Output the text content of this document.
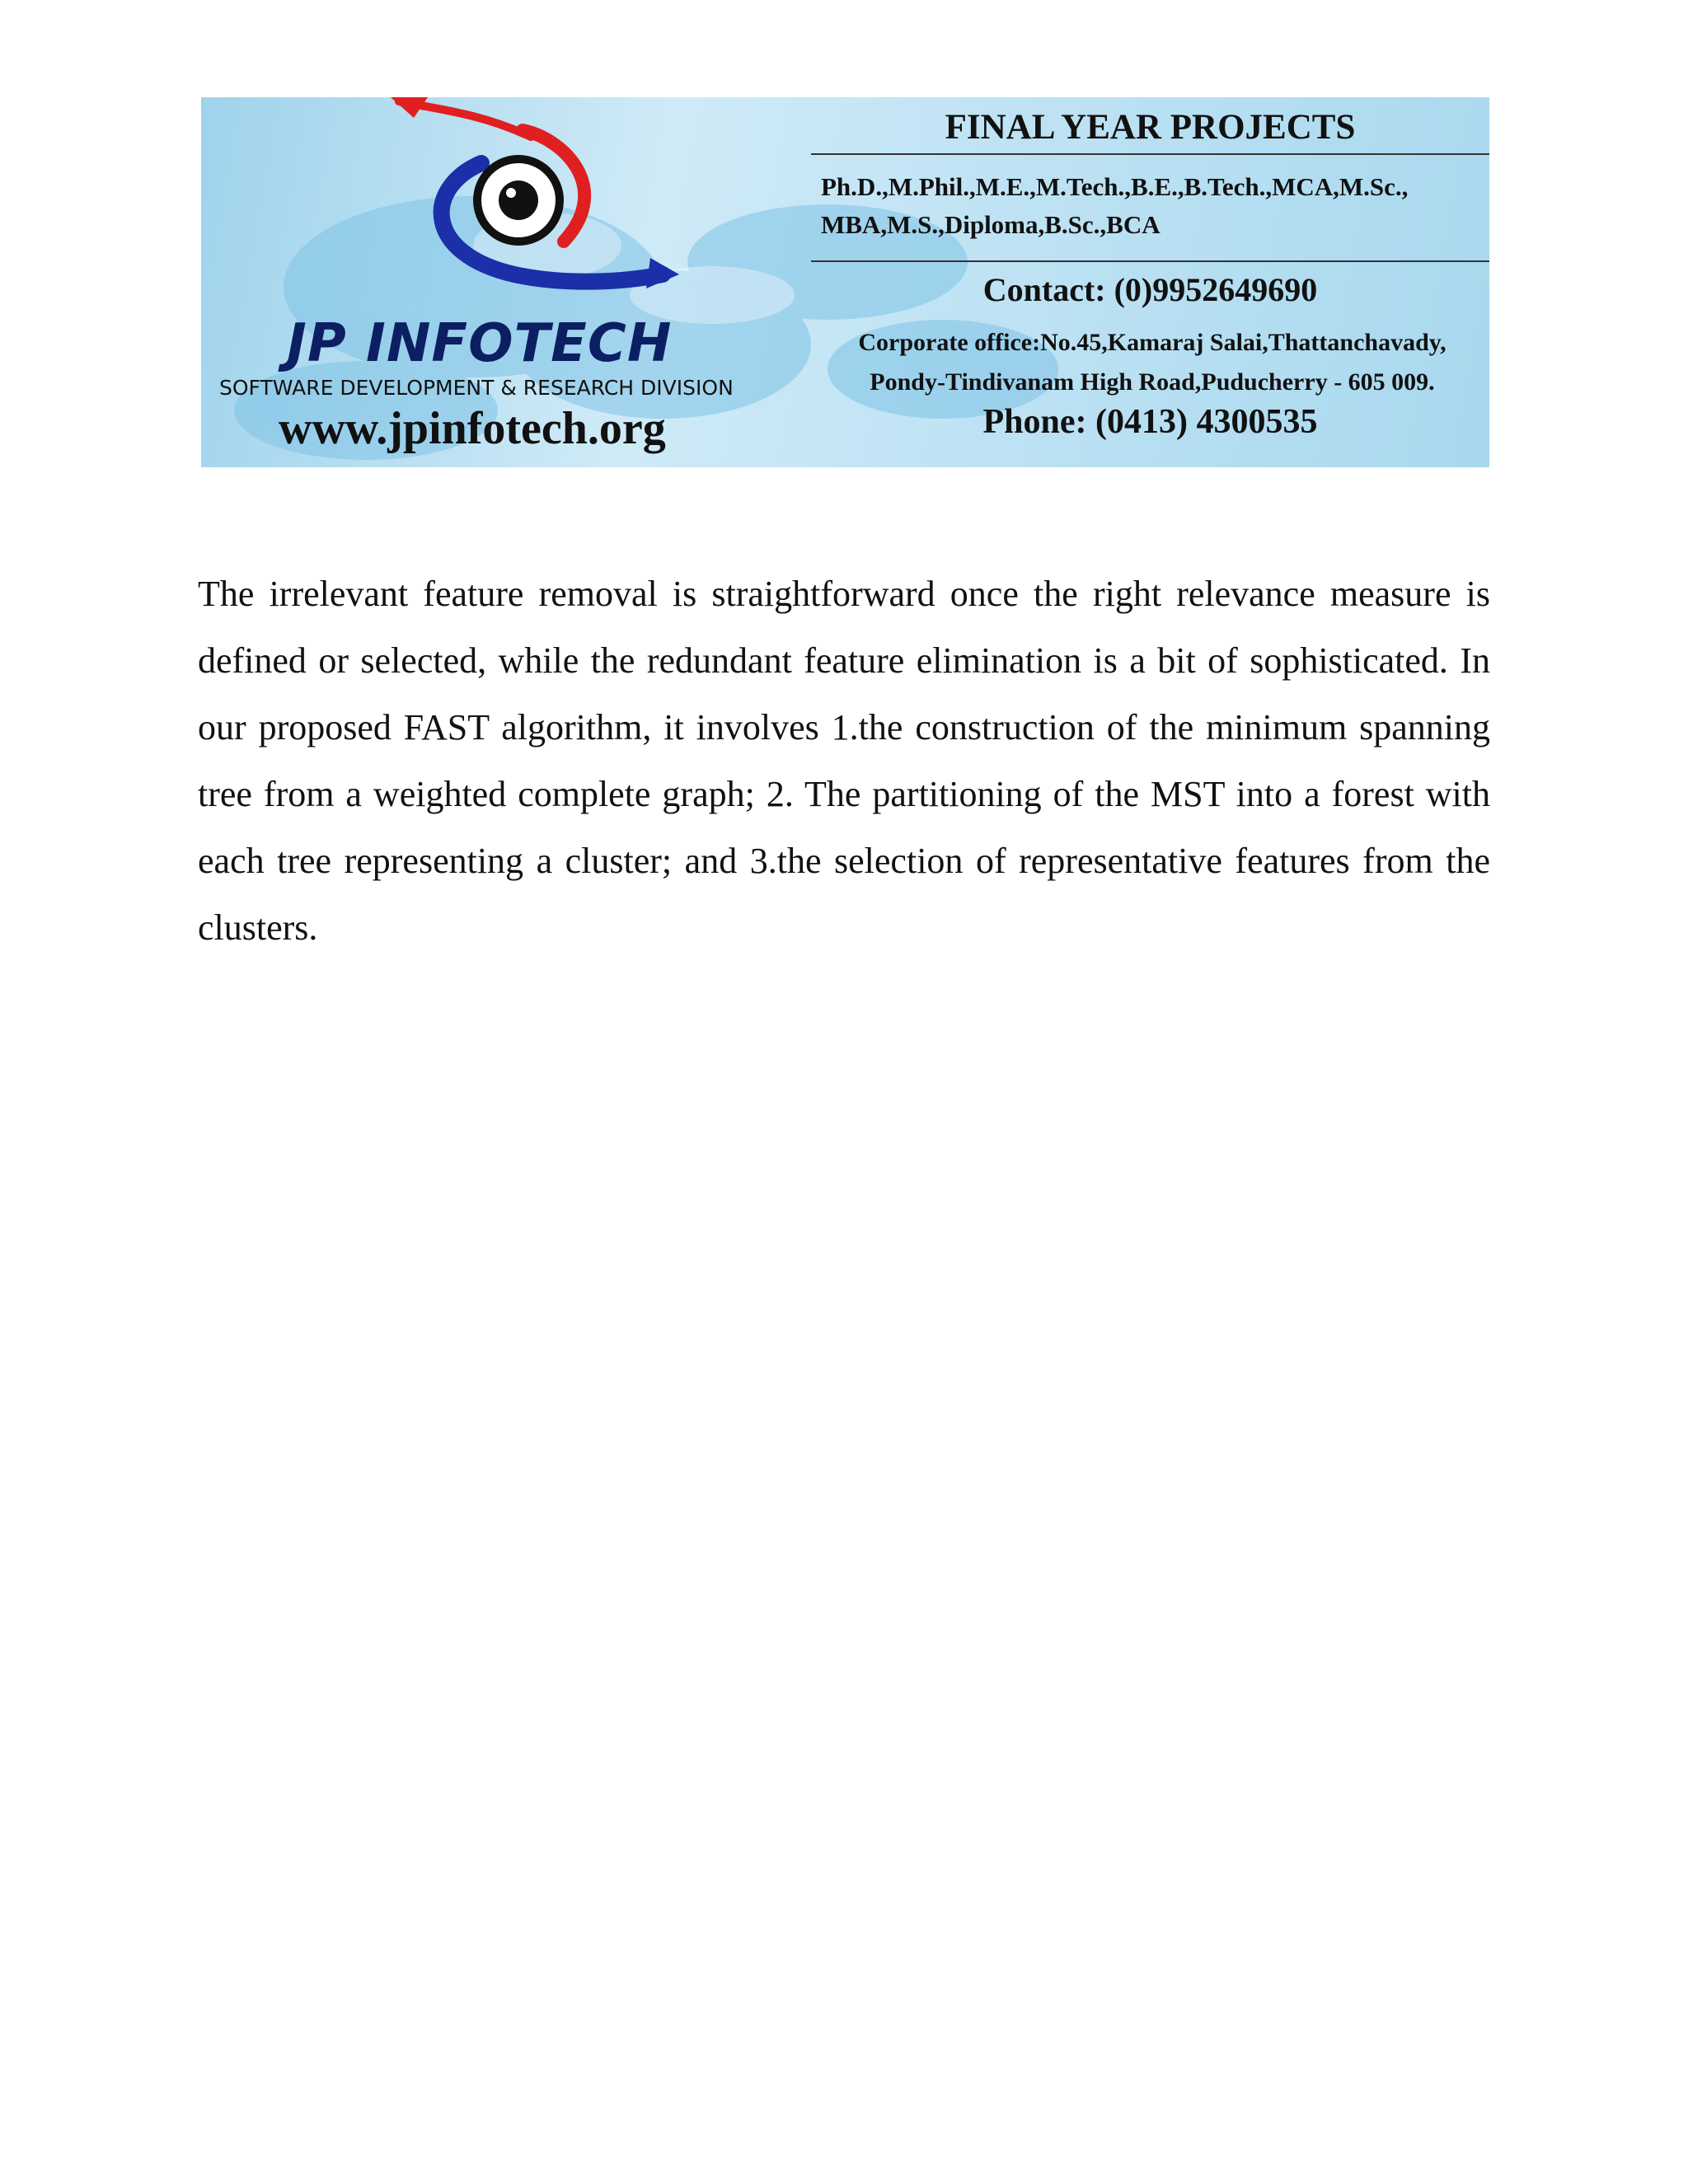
JP INFOTECH
SOFTWARE DEVELOPMENT & RESEARCH DIVISION
www.jpinfotech.org
FINAL YEAR PROJECTS
Ph.D.,M.Phil.,M.E.,M.Tech.,B.E.,B.Tech.,MCA,M.Sc.,
MBA,M.S.,Diploma,B.Sc.,BCA
Contact: (0)9952649690
Corporate office:No.45,Kamaraj Salai,Thattanchavady,
Pondy-Tindivanam High Road,Puducherry - 605 009.
Phone: (0413) 4300535

The irrelevant feature removal is straightforward once the right relevance measure is defined or selected, while the redundant feature elimination is a bit of sophisticated. In our proposed FAST algorithm, it involves 1.the construction of the minimum spanning tree from a weighted complete graph; 2. The partitioning of the MST into a forest with each tree representing a cluster; and 3.the selection of representative features from the clusters.
